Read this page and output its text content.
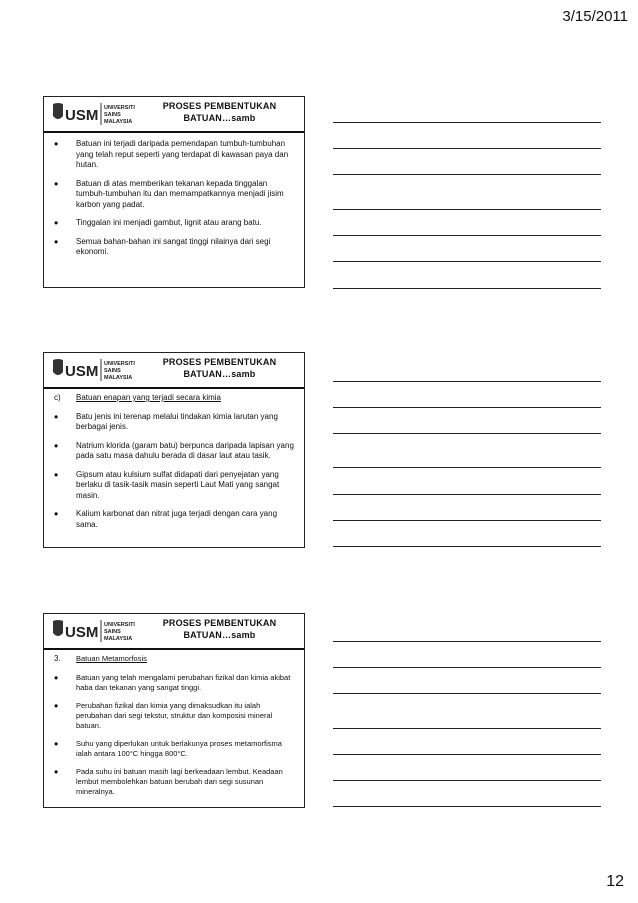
3/15/2011
USM UNIVERSITI
SAINS
MALAYSIA
PROSES PEMBENTUKAN
BATUAN…samb
•	Batuan ini terjadi daripada pemendapan tumbuh-tumbuhan yang telah reput seperti yang terdapat di kawasan paya dan hutan.
•	Batuan di atas memberikan tekanan kepada tinggalan tumbuh-tumbuhan itu dan memampatkannya menjadi jisim karbon yang padat.
•	Tinggalan ini menjadi gambut, lignit atau arang batu.
•	Semua bahan-bahan ini sangat tinggi nilainya dari segi ekonomi.
USM UNIVERSITI
SAINS
MALAYSIA
PROSES PEMBENTUKAN
BATUAN…samb
c)	Batuan enapan yang terjadi secara kimia
•	Batu jenis ini terenap melalui tindakan kimia larutan yang berbagai jenis.
•	Natrium klorida (garam batu) berpunca daripada lapisan yang pada satu masa dahulu berada di dasar laut atau tasik.
•	Gipsum atau kulsium sulfat didapati dari penyejatan yang berlaku di tasik-tasik masin seperti Laut Mati yang sangat masin.
•	Kalium karbonat dan nitrat juga terjadi dengan cara yang sama.
USM UNIVERSITI
SAINS
MALAYSIA
PROSES PEMBENTUKAN
BATUAN…samb
3.	Batuan Metamorfosis
•	Batuan yang telah mengalami perubahan fizikal dan kimia akibat haba dan tekanan yang sangat tinggi.
•	Perubahan fizikal dan kimia yang dimaksudkan itu ialah perubahan dari segi tekstur, struktur dan komposisi mineral batuan.
•	Suhu yang diperlukan untuk berlakunya proses metamorfisma ialah antara 100°C hingga 800°C.
•	Pada suhu ini batuan masih lagi berkeadaan lembut. Keadaan lembut membolehkan batuan berubah dari segi susunan mineralnya.
12
